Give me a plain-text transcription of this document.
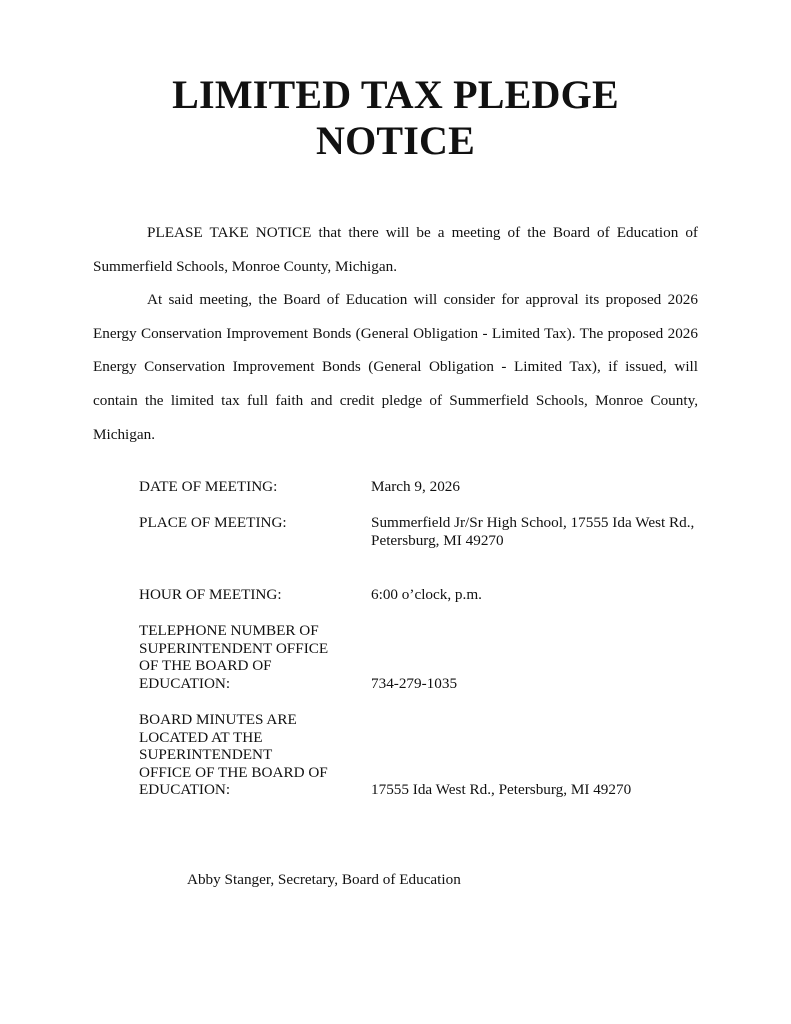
LIMITED TAX PLEDGE
NOTICE

PLEASE TAKE NOTICE that there will be a meeting of the Board of Education of Summerfield Schools, Monroe County, Michigan.

At said meeting, the Board of Education will consider for approval its proposed 2026 Energy Conservation Improvement Bonds (General Obligation - Limited Tax). The proposed 2026 Energy Conservation Improvement Bonds (General Obligation - Limited Tax), if issued, will contain the limited tax full faith and credit pledge of Summerfield Schools, Monroe County, Michigan.

DATE OF MEETING:	March 9, 2026
PLACE OF MEETING:	Summerfield Jr/Sr High School, 17555 Ida West Rd.,
Petersburg, MI 49270
HOUR OF MEETING:	6:00 o’clock, p.m.
TELEPHONE NUMBER OF
SUPERINTENDENT OFFICE
OF THE BOARD OF
EDUCATION:	734-279-1035
BOARD MINUTES ARE
LOCATED AT THE
SUPERINTENDENT
OFFICE OF THE BOARD OF
EDUCATION:	17555 Ida West Rd., Petersburg, MI 49270
Abby Stanger, Secretary, Board of Education
